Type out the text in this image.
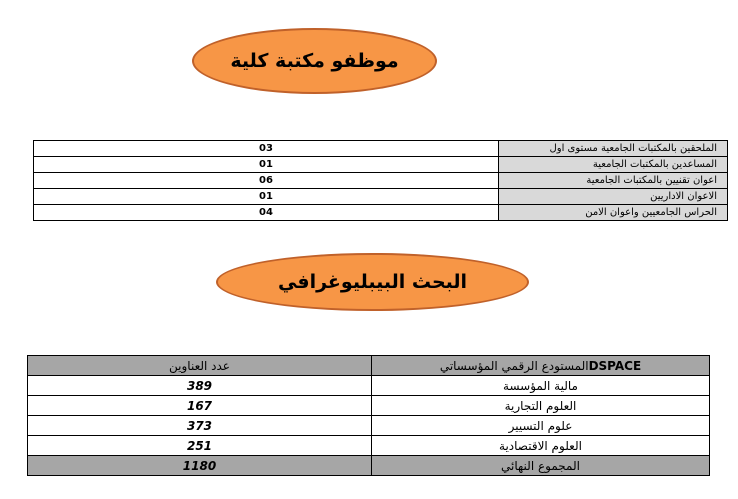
موظفو مكتبة كلية
03	الملحقين بالمكتبات الجامعية مستوى اول
01	المساعدين بالمكتبات الجامعية
06	اعوان تقنيين بالمكتبات الجامعية
01	الاعوان الاداريين
04	الحراس الجامعيين واعوان الامن
البحث البيبليوغرافي
عدد العناوين	DSPACEالمستودع الرقمي المؤسساتي
389	مالية المؤسسة
167	العلوم التجارية
373	علوم التسيير
251	العلوم الاقتصادية
1180	المجموع النهائي
